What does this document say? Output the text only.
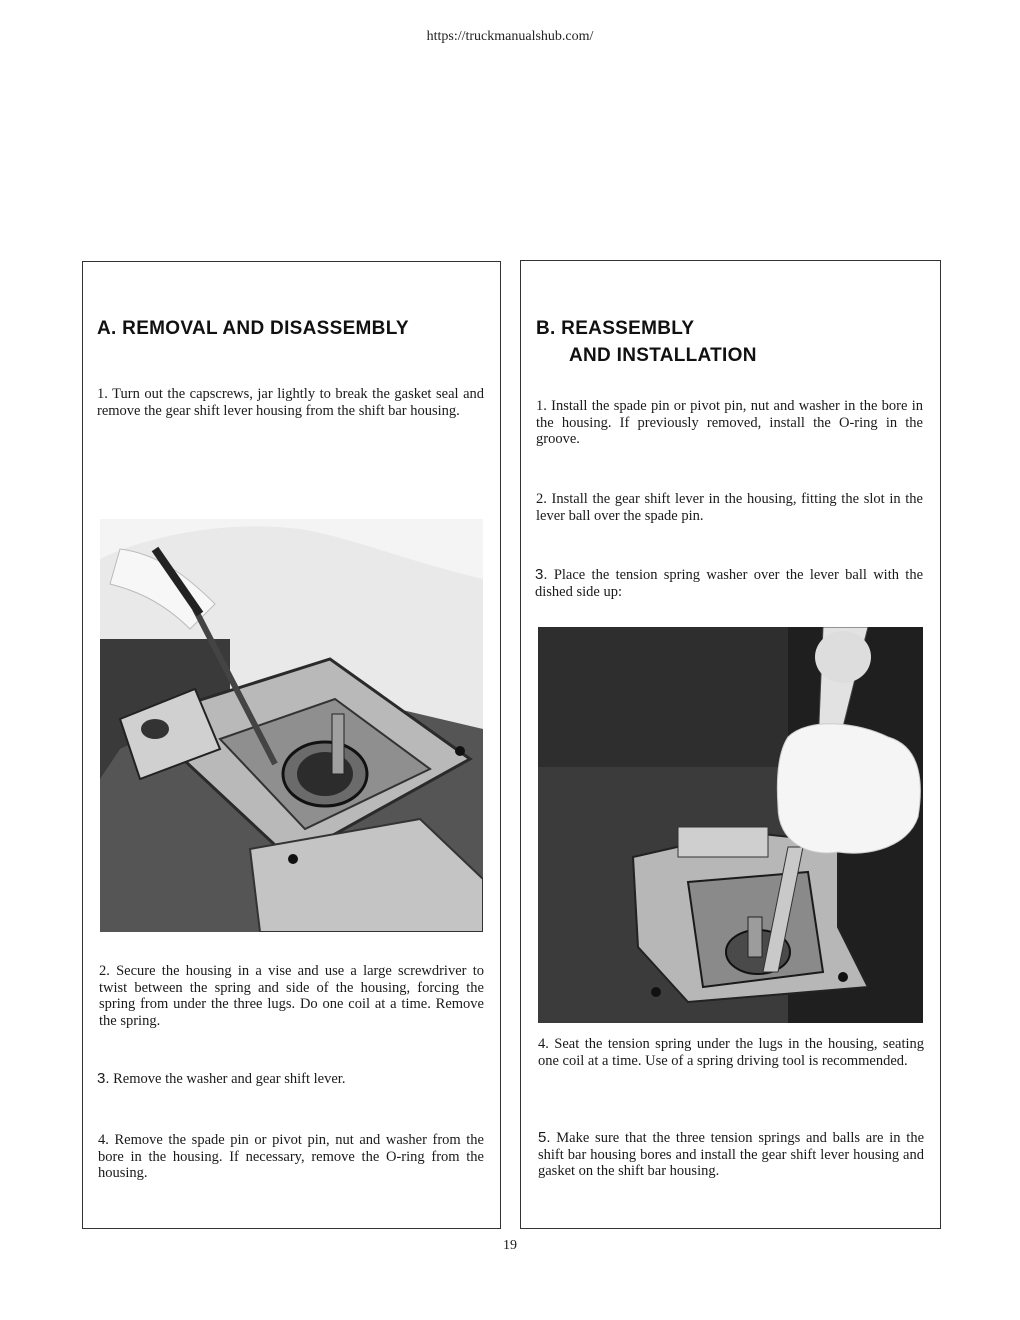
https://truckmanualshub.com/
A. REMOVAL AND DISASSEMBLY

1. Turn out the capscrews, jar lightly to break the gasket seal and remove the gear shift lever housing from the shift bar housing.

2. Secure the housing in a vise and use a large screwdriver to twist between the spring and side of the housing, forcing the spring from under the three lugs. Do one coil at a time. Remove the spring.

3. Remove the washer and gear shift lever.

4. Remove the spade pin or pivot pin, nut and washer from the bore in the housing. If necessary, remove the O-ring from the housing.

B. REASSEMBLY
AND INSTALLATION

1. Install the spade pin or pivot pin, nut and washer in the bore in the housing. If previously removed, install the O-ring in the groove.

2. Install the gear shift lever in the housing, fitting the slot in the lever ball over the spade pin.

3. Place the tension spring washer over the lever ball with the dished side up:

4. Seat the tension spring under the lugs in the housing, seating one coil at a time. Use of a spring driving tool is recommended.

5. Make sure that the three tension springs and balls are in the shift bar housing bores and install the gear shift lever housing and gasket on the shift bar housing.

19
